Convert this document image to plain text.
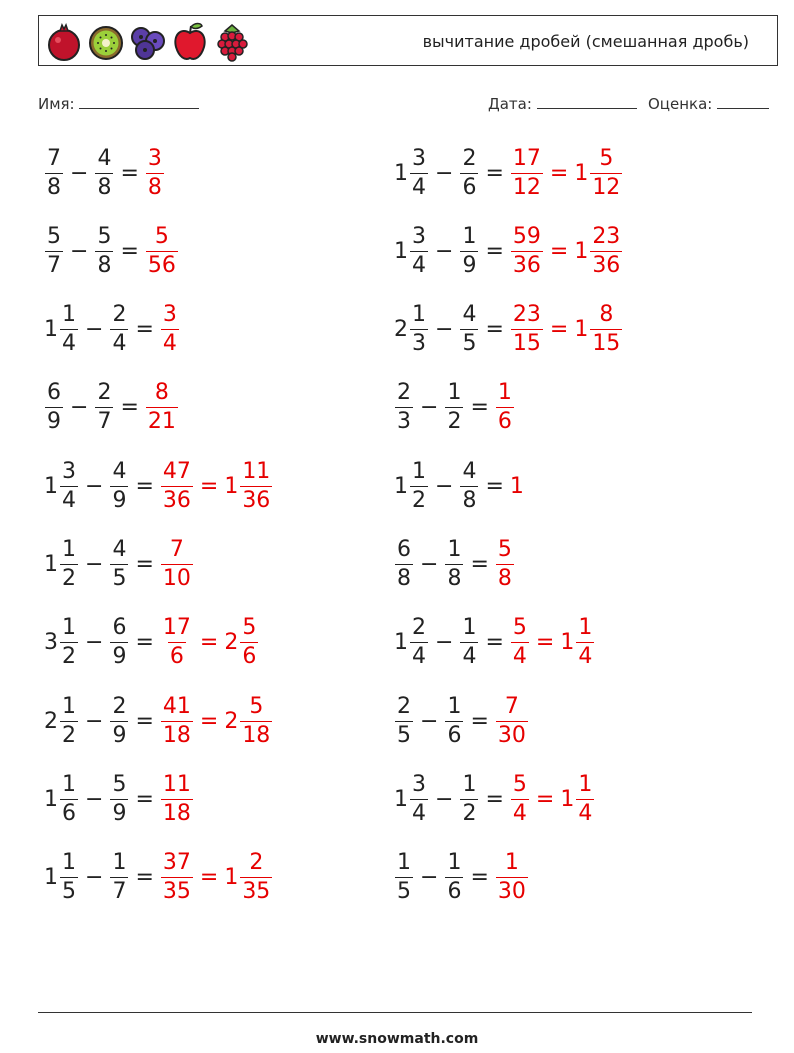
вычитание дробей (смешанная дробь)
Имя:	Дата:	Оценка:
$\frac{7}{8} - \frac{4}{8} = \frac{3}{8}$
$\frac{5}{7} - \frac{5}{8} = \frac{5}{56}$
$1 \frac{1}{4} - \frac{2}{4} = \frac{3}{4}$
$\frac{6}{9} - \frac{2}{7} = \frac{8}{21}$
$1 \frac{3}{4} - \frac{4}{9} = \frac{47}{36} = 1 \frac{11}{36}$
$1 \frac{1}{2} - \frac{4}{5} = \frac{7}{10}$
$3 \frac{1}{2} - \frac{6}{9} = \frac{17}{6} = 2 \frac{5}{6}$
$2 \frac{1}{2} - \frac{2}{9} = \frac{41}{18} = 2 \frac{5}{18}$
$1 \frac{1}{6} - \frac{5}{9} = \frac{11}{18}$
$1 \frac{1}{5} - \frac{1}{7} = \frac{37}{35} = 1 \frac{2}{35}$
$1 \frac{3}{4} - \frac{2}{6} = \frac{17}{12} = 1 \frac{5}{12}$
$1 \frac{3}{4} - \frac{1}{9} = \frac{59}{36} = 1 \frac{23}{36}$
$2 \frac{1}{3} - \frac{4}{5} = \frac{23}{15} = 1 \frac{8}{15}$
$\frac{2}{3} - \frac{1}{2} = \frac{1}{6}$
$1 \frac{1}{2} - \frac{4}{8} = 1$
$\frac{6}{8} - \frac{1}{8} = \frac{5}{8}$
$1 \frac{2}{4} - \frac{1}{4} = \frac{5}{4} = 1 \frac{1}{4}$
$\frac{2}{5} - \frac{1}{6} = \frac{7}{30}$
$1 \frac{3}{4} - \frac{1}{2} = \frac{5}{4} = 1 \frac{1}{4}$
$\frac{1}{5} - \frac{1}{6} = \frac{1}{30}$
www.snowmath.com
